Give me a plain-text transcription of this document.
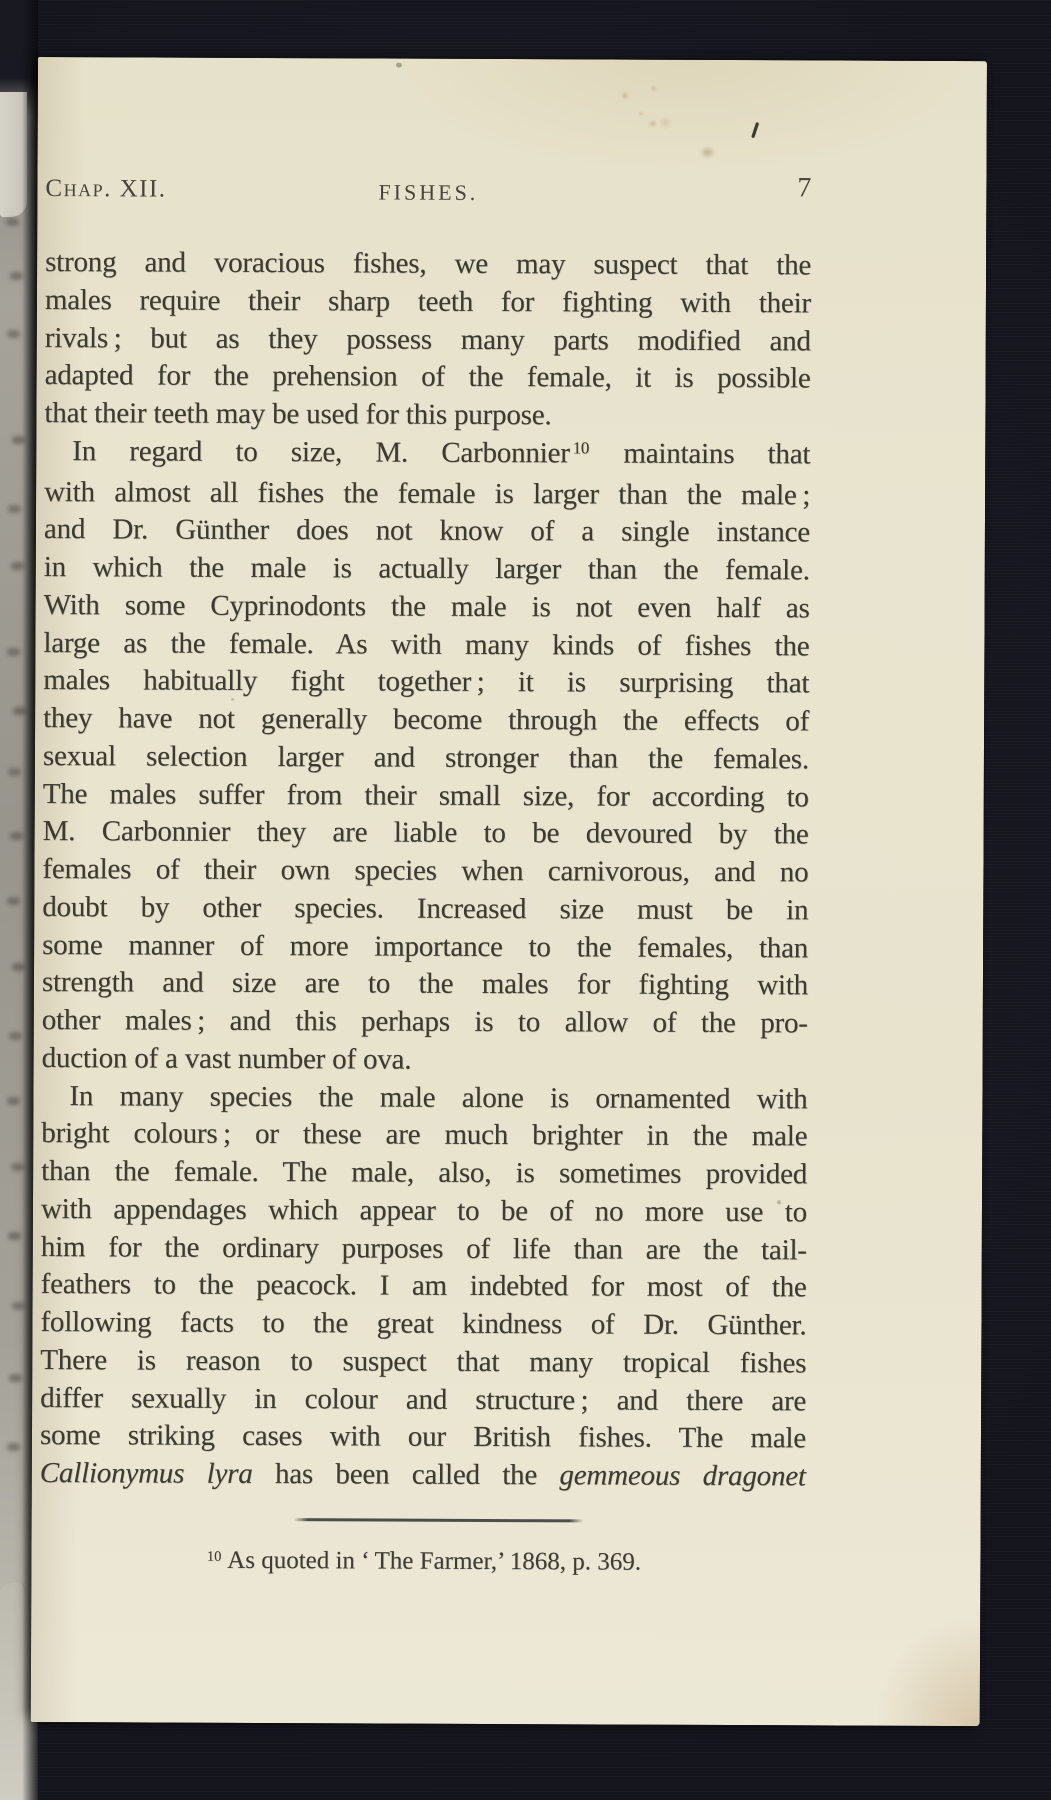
Chap. XII.	FISHES.	7
strong and voracious fishes, we may suspect that the
males require their sharp teeth for fighting with their
rivals ; but as they possess many parts modified and
adapted for the prehension of the female, it is possible
that their teeth may be used for this purpose.
In regard to size, M. Carbonnier $^{10}$ maintains that
with almost all fishes the female is larger than the male ;
and Dr. Günther does not know of a single instance
in which the male is actually larger than the female.
With some Cyprinodonts the male is not even half as
large as the female. As with many kinds of fishes the
males habitually fight together ; it is surprising that
they have not generally become through the effects of
sexual selection larger and stronger than the females.
The males suffer from their small size, for according to
M. Carbonnier they are liable to be devoured by the
females of their own species when carnivorous, and no
doubt by other species. Increased size must be in
some manner of more importance to the females, than
strength and size are to the males for fighting with
other males ; and this perhaps is to allow of the pro-
duction of a vast number of ova.
In many species the male alone is ornamented with
bright colours ; or these are much brighter in the male
than the female. The male, also, is sometimes provided
with appendages which appear to be of no more use to
him for the ordinary purposes of life than are the tail-
feathers to the peacock. I am indebted for most of the
following facts to the great kindness of Dr. Günther.
There is reason to suspect that many tropical fishes
differ sexually in colour and structure ; and there are
some striking cases with our British fishes. The male
Callionymus lyra has been called the gemmeous dragonet
$^{10}$ As quoted in ‘ The Farmer,’ 1868, p. 369.
